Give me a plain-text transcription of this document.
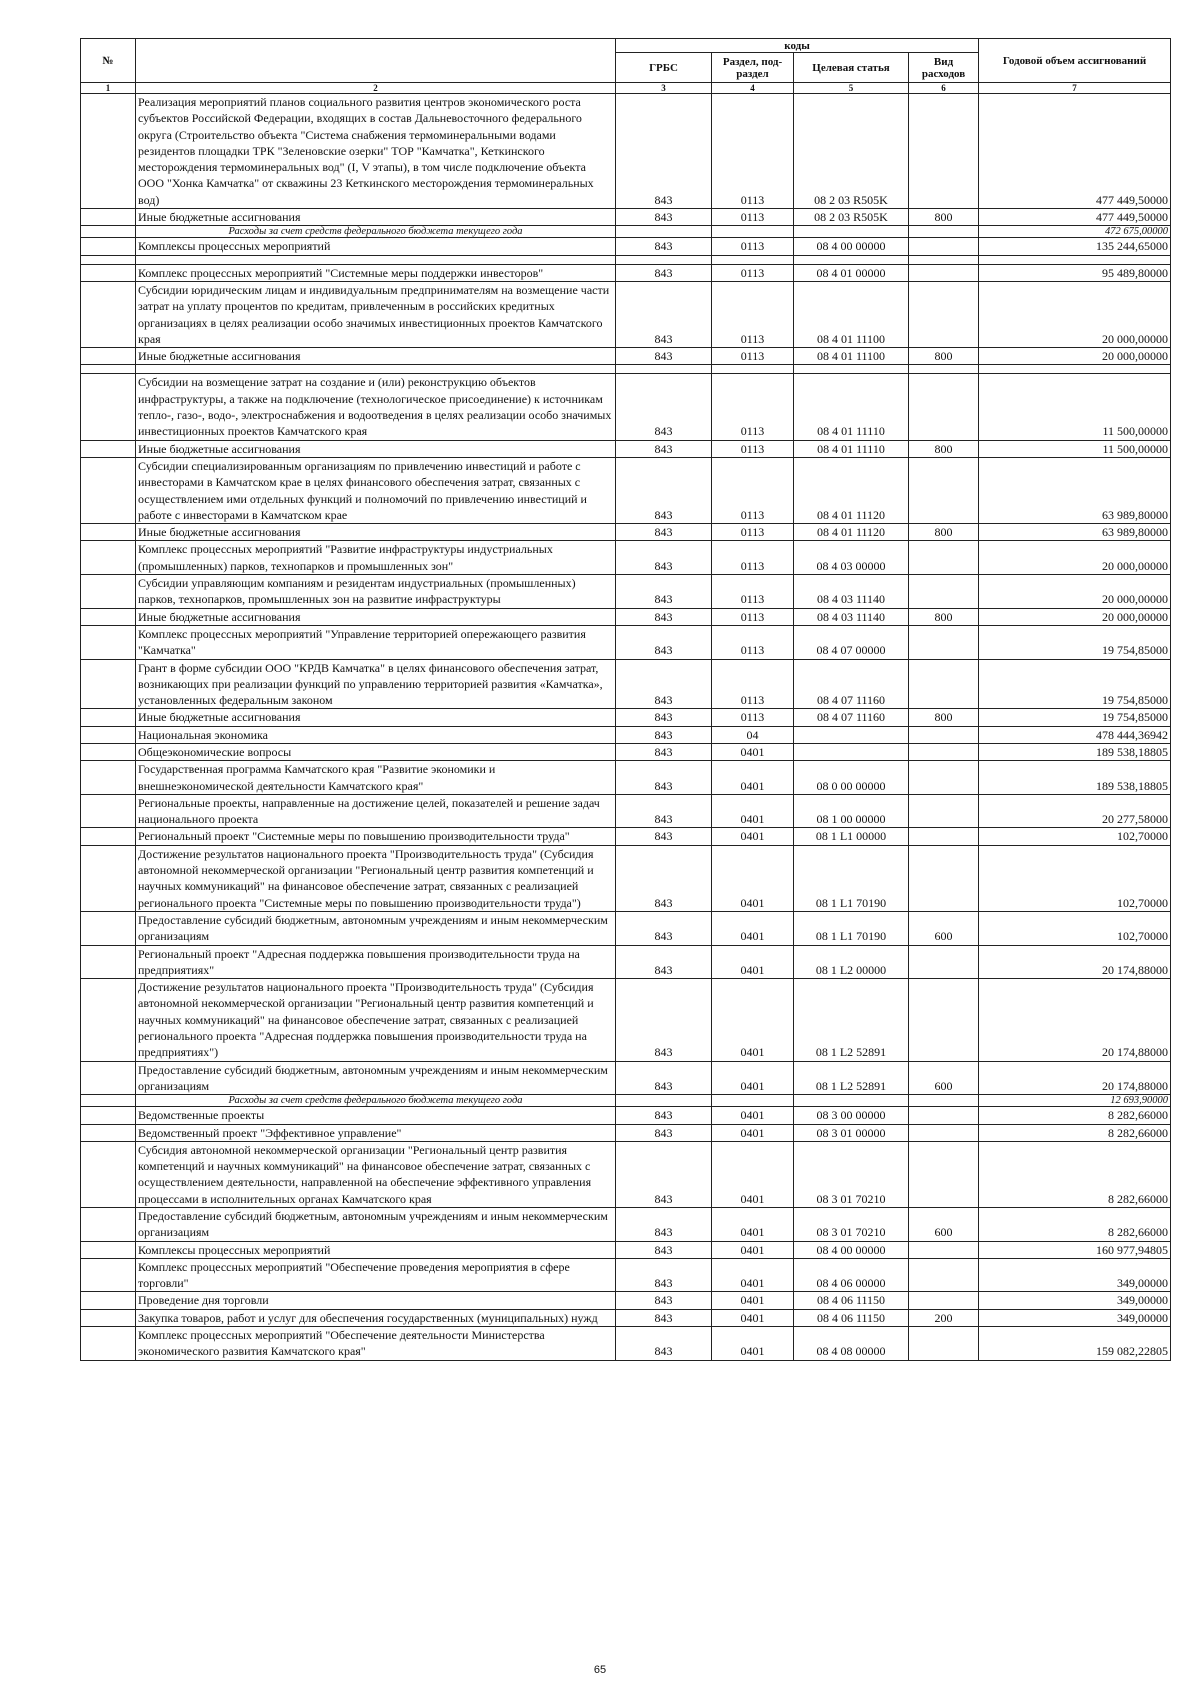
№		коды				Годовой объем ассигнований
		ГРБС	Раздел, под-раздел	Целевая статья	Вид расходов	
1	2	3	4	5	6	7
	Реализация мероприятий планов социального развития центров экономического роста субъектов Российской Федерации, входящих в состав Дальневосточного федерального округа (Строительство объекта "Система снабжения термоминеральными водами резидентов площадки ТРК "Зеленовские озерки" ТОР "Камчатка", Кеткинского месторождения термоминеральных вод" (I, V этапы), в том числе подключение объекта ООО "Хонка Камчатка" от скважины 23 Кеткинского месторождения термоминеральных вод)	843	0113	08 2 03 R505K		477 449,50000
	Иные бюджетные ассигнования	843	0113	08 2 03 R505K	800	477 449,50000
	Расходы за счет средств федерального бюджета текущего года					472 675,00000
	Комплексы процессных мероприятий	843	0113	08 4 00 00000		135 244,65000

	Комплекс процессных мероприятий "Системные меры поддержки инвесторов"	843	0113	08 4 01 00000		95 489,80000
	Субсидии юридическим лицам и индивидуальным предпринимателям на возмещение части затрат на уплату процентов по кредитам, привлеченным в российских кредитных организациях в целях реализации особо значимых инвестиционных проектов Камчатского края	843	0113	08 4 01 11100		20 000,00000
	Иные бюджетные ассигнования	843	0113	08 4 01 11100	800	20 000,00000

	Субсидии на возмещение затрат на создание и (или) реконструкцию объектов инфраструктуры, а также на подключение (технологическое присоединение) к источникам тепло-, газо-, водо-, электроснабжения и водоотведения в целях реализации особо значимых инвестиционных проектов Камчатского края	843	0113	08 4 01 11110		11 500,00000
	Иные бюджетные ассигнования	843	0113	08 4 01 11110	800	11 500,00000
	Субсидии специализированным организациям по привлечению инвестиций и работе с инвесторами в Камчатском крае в целях финансового обеспечения затрат, связанных с осуществлением ими отдельных функций и полномочий по привлечению инвестиций и работе с инвесторами в Камчатском крае	843	0113	08 4 01 11120		63 989,80000
	Иные бюджетные ассигнования	843	0113	08 4 01 11120	800	63 989,80000
	Комплекс процессных мероприятий "Развитие инфраструктуры индустриальных (промышленных) парков, технопарков и промышленных зон"	843	0113	08 4 03 00000		20 000,00000
	Субсидии управляющим компаниям и резидентам индустриальных (промышленных) парков, технопарков, промышленных зон на развитие инфраструктуры	843	0113	08 4 03 11140		20 000,00000
	Иные бюджетные ассигнования	843	0113	08 4 03 11140	800	20 000,00000
	Комплекс процессных мероприятий "Управление территорией опережающего развития "Камчатка"	843	0113	08 4 07 00000		19 754,85000
	Грант в форме субсидии ООО "КРДВ Камчатка" в целях финансового обеспечения затрат, возникающих при реализации функций по управлению территорией развития «Камчатка», установленных федеральным законом	843	0113	08 4 07 11160		19 754,85000
	Иные бюджетные ассигнования	843	0113	08 4 07 11160	800	19 754,85000
	Национальная экономика	843	04			478 444,36942
	Общеэкономические вопросы	843	0401			189 538,18805
	Государственная программа Камчатского края "Развитие экономики и внешнеэкономической деятельности Камчатского края"	843	0401	08 0 00 00000		189 538,18805
	Региональные проекты, направленные на достижение целей, показателей и решение задач национального проекта	843	0401	08 1 00 00000		20 277,58000
	Региональный проект "Системные меры по повышению производительности труда"	843	0401	08 1 L1 00000		102,70000
	Достижение результатов национального проекта "Производительность труда" (Субсидия автономной некоммерческой организации "Региональный центр развития компетенций и научных коммуникаций" на финансовое обеспечение затрат, связанных с реализацией регионального проекта "Системные меры по повышению производительности труда")	843	0401	08 1 L1 70190		102,70000
	Предоставление субсидий бюджетным, автономным учреждениям и иным некоммерческим организациям	843	0401	08 1 L1 70190	600	102,70000
	Региональный проект "Адресная поддержка повышения производительности труда на предприятиях"	843	0401	08 1 L2 00000		20 174,88000
	Достижение результатов национального проекта "Производительность труда" (Субсидия автономной некоммерческой организации "Региональный центр развития компетенций и научных коммуникаций" на финансовое обеспечение затрат, связанных с реализацией регионального проекта "Адресная поддержка повышения производительности труда на предприятиях")	843	0401	08 1 L2 52891		20 174,88000
	Предоставление субсидий бюджетным, автономным учреждениям и иным некоммерческим организациям	843	0401	08 1 L2 52891	600	20 174,88000
	Расходы за счет средств федерального бюджета текущего года					12 693,90000
	Ведомственные проекты	843	0401	08 3 00 00000		8 282,66000
	Ведомственный проект "Эффективное управление"	843	0401	08 3 01 00000		8 282,66000
	Субсидия автономной некоммерческой организации "Региональный центр развития компетенций и научных коммуникаций" на финансовое обеспечение затрат, связанных с осуществлением деятельности, направленной на обеспечение эффективного управления процессами в исполнительных органах Камчатского края	843	0401	08 3 01 70210		8 282,66000
	Предоставление субсидий бюджетным, автономным учреждениям и иным некоммерческим организациям	843	0401	08 3 01 70210	600	8 282,66000
	Комплексы процессных мероприятий	843	0401	08 4 00 00000		160 977,94805
	Комплекс процессных мероприятий "Обеспечение проведения мероприятия в сфере торговли"	843	0401	08 4 06 00000		349,00000
	Проведение дня торговли	843	0401	08 4 06 11150		349,00000
	Закупка товаров, работ и услуг для обеспечения государственных (муниципальных) нужд	843	0401	08 4 06 11150	200	349,00000
	Комплекс процессных мероприятий "Обеспечение деятельности Министерства экономического развития Камчатского края"	843	0401	08 4 08 00000		159 082,22805
65
